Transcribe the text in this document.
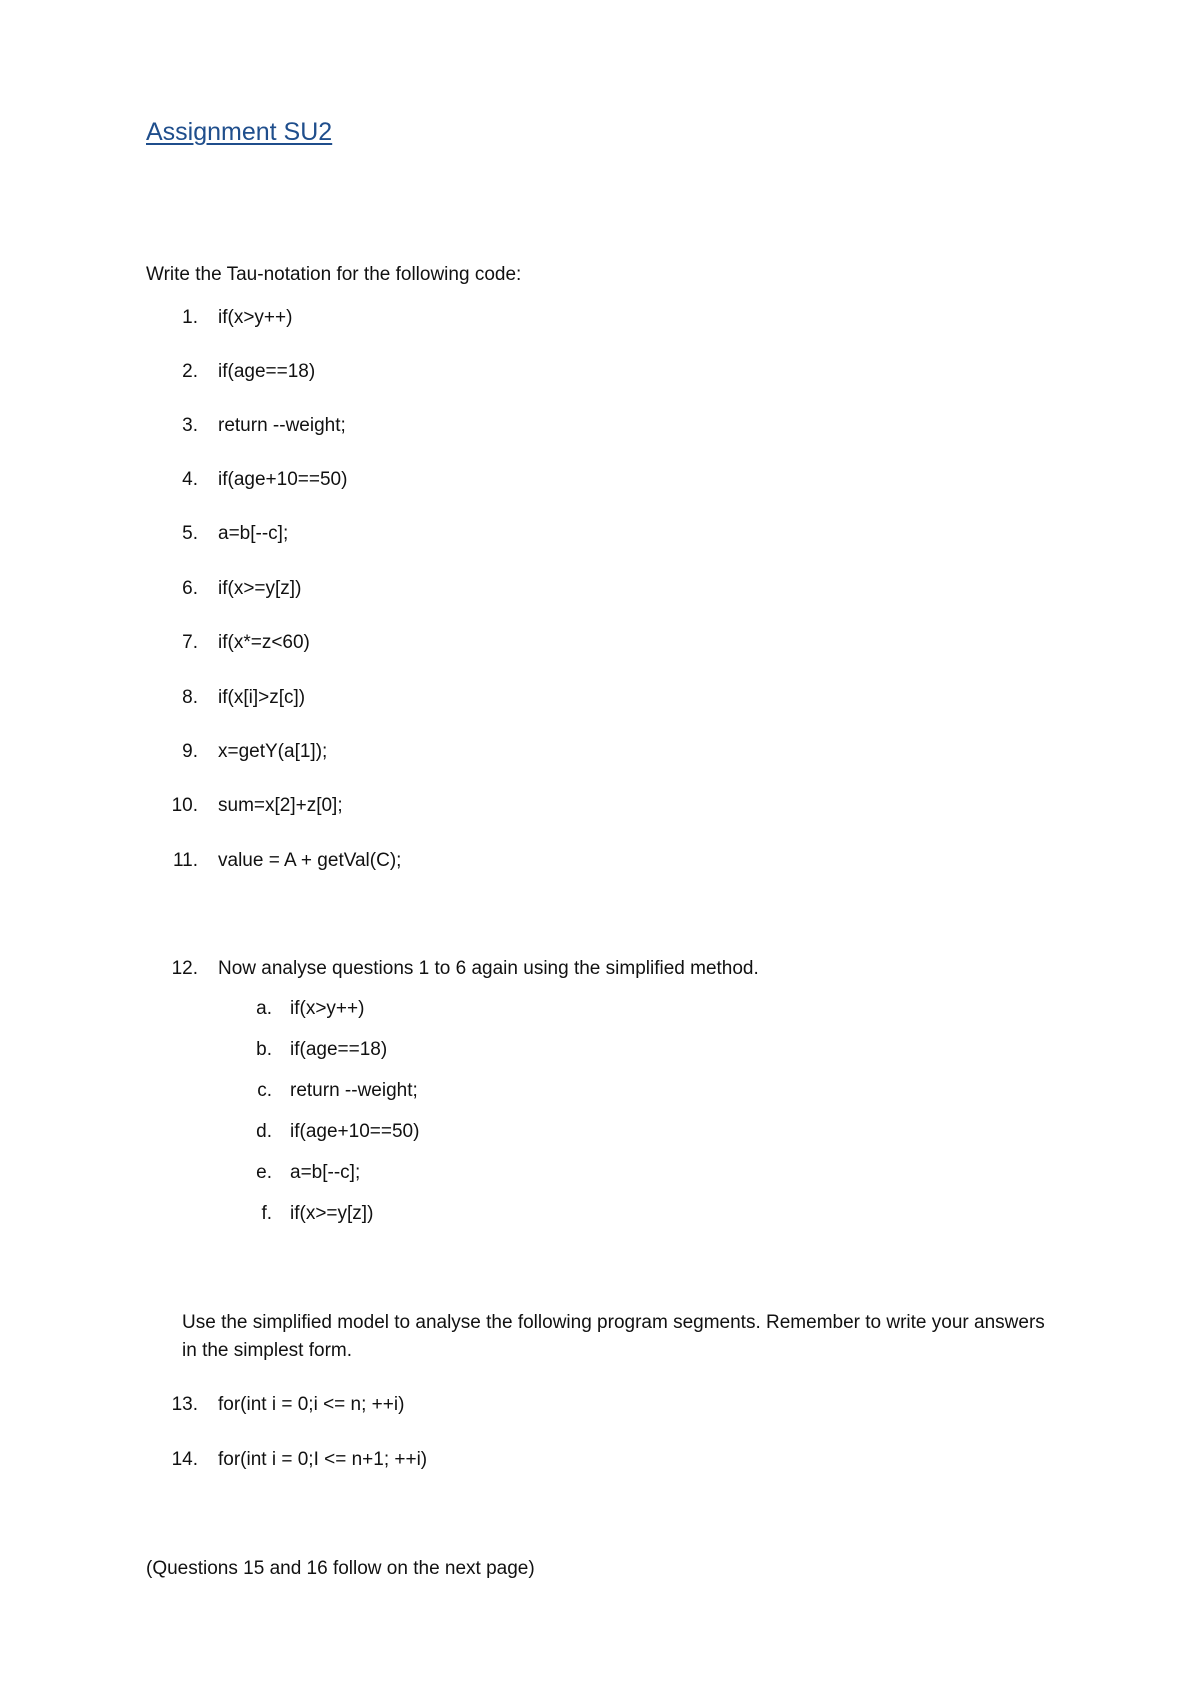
Assignment SU2
Write the Tau-notation for the following code:
1. if(x>y++)
2. if(age==18)
3. return --weight;
4. if(age+10==50)
5. a=b[--c];
6. if(x>=y[z])
7. if(x*=z<60)
8. if(x[i]>z[c])
9. x=getY(a[1]);
10. sum=x[2]+z[0];
11. value = A + getVal(C);
12. Now analyse questions 1 to 6 again using the simplified method.
a. if(x>y++)
b. if(age==18)
c. return --weight;
d. if(age+10==50)
e. a=b[--c];
f. if(x>=y[z])
Use the simplified model to analyse the following program segments. Remember to write your answers in the simplest form.
13. for(int i = 0;i <= n; ++i)
14. for(int i = 0;I <= n+1; ++i)
(Questions 15 and 16 follow on the next page)
